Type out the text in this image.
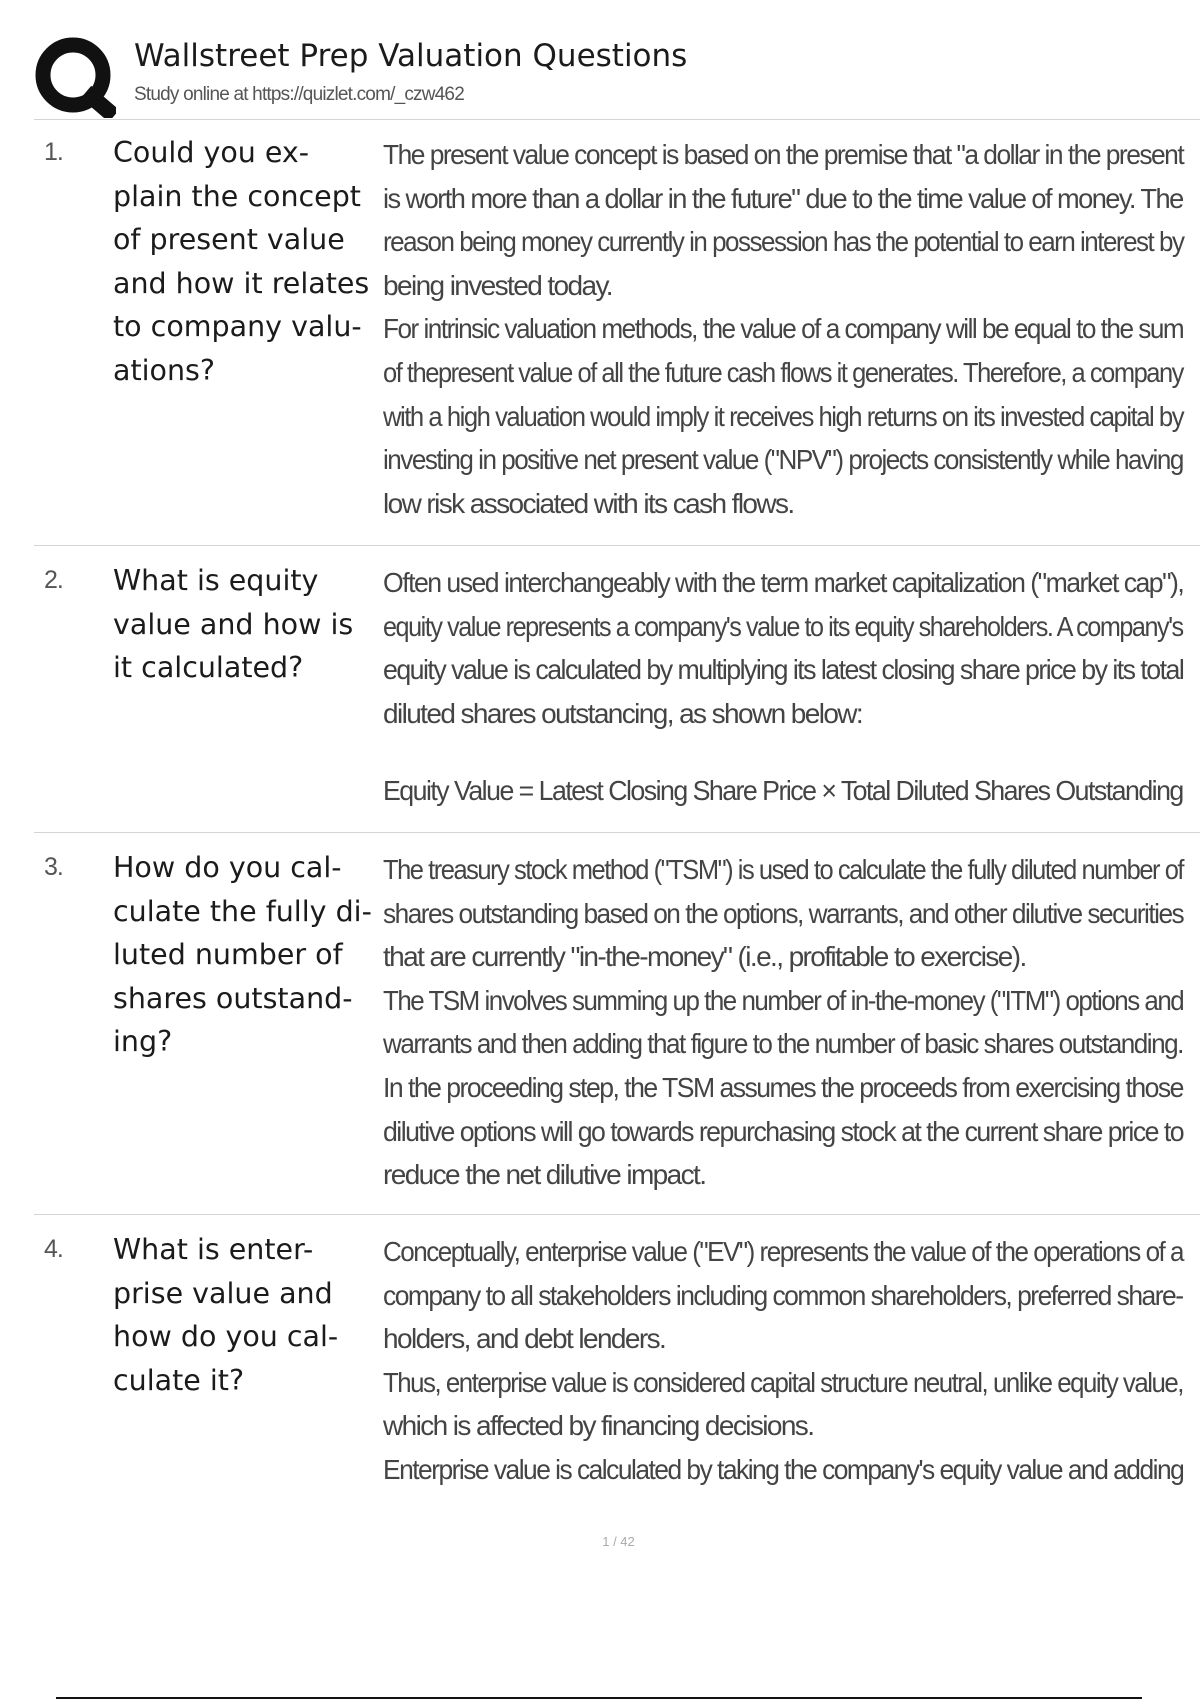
Wallstreet Prep Valuation Questions
Study online at https://quizlet.com/_czw462
1. Could you ex-
plain the concept
of present value
and how it relates
to company valu-
ations?
The present value concept is based on the premise that "a dollar in the present
is worth more than a dollar in the future" due to the time value of money. The
reason being money currently in possession has the potential to earn interest by
being invested today.
For intrinsic valuation methods, the value of a company will be equal to the sum
of thepresent value of all the future cash flows it generates. Therefore, a company
with a high valuation would imply it receives high returns on its invested capital by
investing in positive net present value ("NPV") projects consistently while having
low risk associated with its cash flows.
2. What is equity
value and how is
it calculated?
Often used interchangeably with the term market capitalization ("market cap"),
equity value represents a company's value to its equity shareholders. A company's
equity value is calculated by multiplying its latest closing share price by its total
diluted shares outstancing, as shown below:
Equity Value = Latest Closing Share Price × Total Diluted Shares Outstanding
3. How do you cal-
culate the fully di-
luted number of
shares outstand-
ing?
The treasury stock method ("TSM") is used to calculate the fully diluted number of
shares outstanding based on the options, warrants, and other dilutive securities
that are currently "in-the-money" (i.e., profitable to exercise).
The TSM involves summing up the number of in-the-money ("ITM") options and
warrants and then adding that figure to the number of basic shares outstanding.
In the proceeding step, the TSM assumes the proceeds from exercising those
dilutive options will go towards repurchasing stock at the current share price to
reduce the net dilutive impact.
4. What is enter-
prise value and
how do you cal-
culate it?
Conceptually, enterprise value ("EV") represents the value of the operations of a
company to all stakeholders including common shareholders, preferred share-
holders, and debt lenders.
Thus, enterprise value is considered capital structure neutral, unlike equity value,
which is affected by financing decisions.
Enterprise value is calculated by taking the company's equity value and adding
1 / 42
